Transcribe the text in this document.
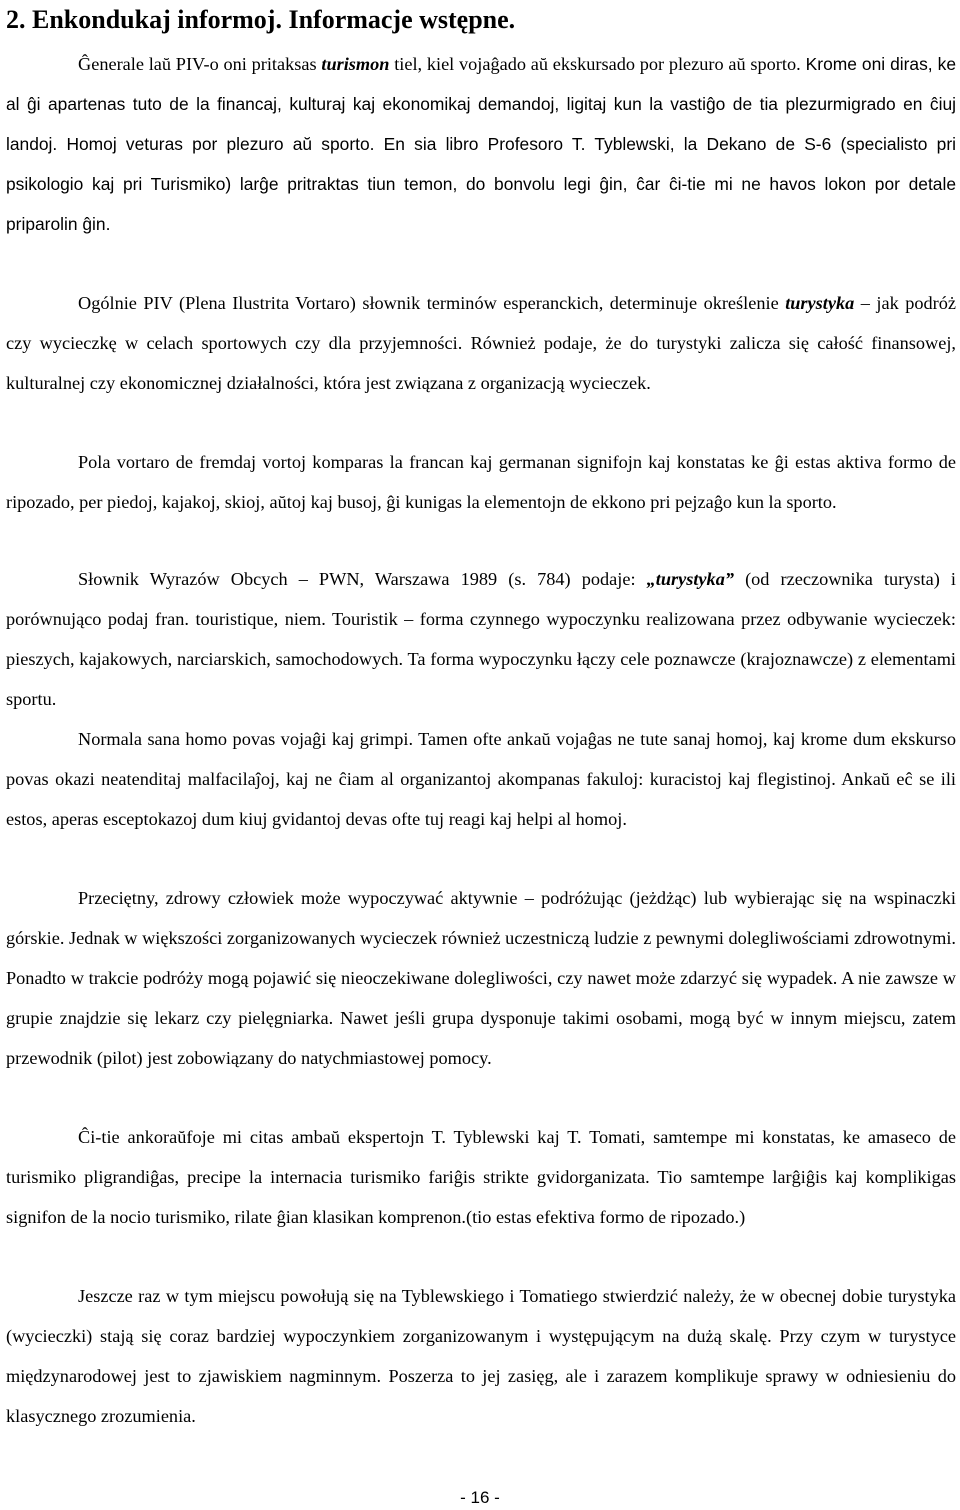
2. Enkondukaj informoj. Informacje wstępne.

Ĝenerale laŭ PIV-o oni pritaksas turismon tiel, kiel vojaĝado aŭ ekskursado por plezuro aŭ sporto. Krome oni diras, ke al ĝi apartenas tuto de la financaj, kulturaj kaj ekonomikaj demandoj, ligitaj kun la vastiĝo de tia plezurmigrado en ĉiuj landoj. Homoj veturas por plezuro aŭ sporto. En sia libro Profesoro T. Tyblewski, la Dekano de S-6 (specialisto pri psikologio kaj pri Turismiko) larĝe pritraktas tiun temon, do bonvolu legi ĝin, ĉar ĉi-tie mi ne havos lokon por detale priparolin ĝin.

Ogólnie PIV (Plena Ilustrita Vortaro) słownik terminów esperanckich, determinuje określenie turystyka – jak podróż czy wycieczkę w celach sportowych czy dla przyjemności. Również podaje, że do turystyki zalicza się całość finansowej, kulturalnej czy ekonomicznej działalności, która jest związana z organizacją wycieczek.

Pola vortaro de fremdaj vortoj komparas la francan kaj germanan signifojn kaj konstatas ke ĝi estas aktiva formo de ripozado, per piedoj, kajakoj, skioj, aŭtoj kaj busoj, ĝi kunigas la elementojn de ekkono pri pejzaĝo kun la sporto.

Słownik Wyrazów Obcych – PWN, Warszawa 1989 (s. 784) podaje: „turystyka” (od rzeczownika turysta) i porównująco podaj fran. touristique, niem. Touristik – forma czynnego wypoczynku realizowana przez odbywanie wycieczek: pieszych, kajakowych, narciarskich, samochodowych. Ta forma wypoczynku łączy cele poznawcze (krajoznawcze) z elementami sportu.

Normala sana homo povas vojaĝi kaj grimpi. Tamen ofte ankaŭ vojaĝas ne tute sanaj homoj, kaj krome dum ekskurso povas okazi neatenditaj malfacilaĵoj, kaj ne ĉiam al organizantoj akompanas fakuloj: kuracistoj kaj flegistinoj. Ankaŭ eĉ se ili estos, aperas esceptokazoj dum kiuj gvidantoj devas ofte tuj reagi kaj helpi al homoj.

Przeciętny, zdrowy człowiek może wypoczywać aktywnie – podróżując (jeżdżąc) lub wybierając się na wspinaczki górskie. Jednak w większości zorganizowanych wycieczek również uczestniczą ludzie z pewnymi dolegliwościami zdrowotnymi. Ponadto w trakcie podróży mogą pojawić się nieoczekiwane dolegliwości, czy nawet może zdarzyć się wypadek. A nie zawsze w grupie znajdzie się lekarz czy pielęgniarka. Nawet jeśli grupa dysponuje takimi osobami, mogą być w innym miejscu, zatem przewodnik (pilot) jest zobowiązany do natychmiastowej pomocy.

Ĉi-tie ankoraŭfoje mi citas ambaŭ ekspertojn T. Tyblewski kaj T. Tomati, samtempe mi konstatas, ke amaseco de turismiko pligrandiĝas, precipe la internacia turismiko fariĝis strikte gvidorganizata. Tio samtempe larĝiĝis kaj komplikigas signifon de la nocio turismiko, rilate ĝian klasikan komprenon.(tio estas efektiva formo de ripozado.)

Jeszcze raz w tym miejscu powołują się na Tyblewskiego i Tomatiego stwierdzić należy, że w obecnej dobie turystyka (wycieczki) stają się coraz bardziej wypoczynkiem zorganizowanym i występującym na dużą skalę. Przy czym w turystyce międzynarodowej jest to zjawiskiem nagminnym. Poszerza to jej zasięg, ale i zarazem komplikuje sprawy w odniesieniu do klasycznego zrozumienia.

- 16 -
